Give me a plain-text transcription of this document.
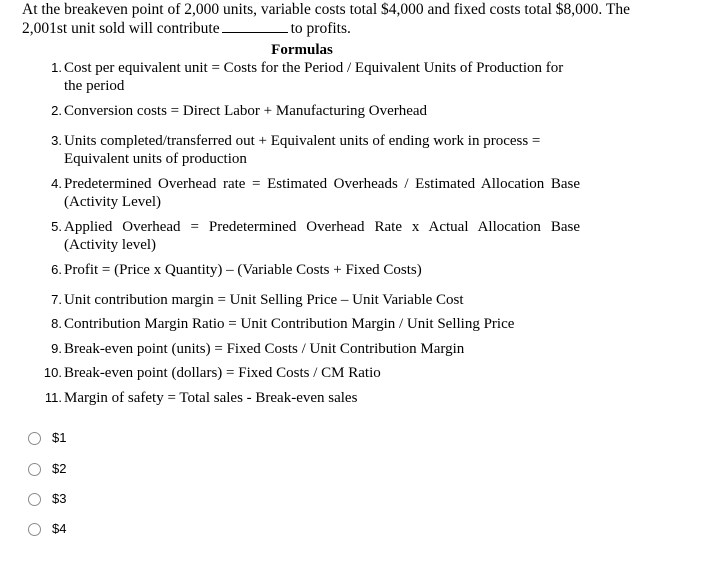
At the breakeven point of 2,000 units, variable costs total $4,000 and fixed costs total $8,000. The 2,001st unit sold will contribute	to profits.
Formulas
1. Cost per equivalent unit = Costs for the Period / Equivalent Units of Production for the period
2. Conversion costs = Direct Labor + Manufacturing Overhead
3. Units completed/transferred out + Equivalent units of ending work in process = Equivalent units of production
4. Predetermined Overhead rate = Estimated Overheads / Estimated Allocation Base (Activity Level)
5. Applied Overhead = Predetermined Overhead Rate x Actual Allocation Base (Activity level)
6. Profit = (Price x Quantity) – (Variable Costs + Fixed Costs)
7. Unit contribution margin = Unit Selling Price – Unit Variable Cost
8. Contribution Margin Ratio = Unit Contribution Margin / Unit Selling Price
9. Break-even point (units) = Fixed Costs / Unit Contribution Margin
10. Break-even point (dollars) = Fixed Costs / CM Ratio
11. Margin of safety = Total sales - Break-even sales
$1
$2
$3
$4
